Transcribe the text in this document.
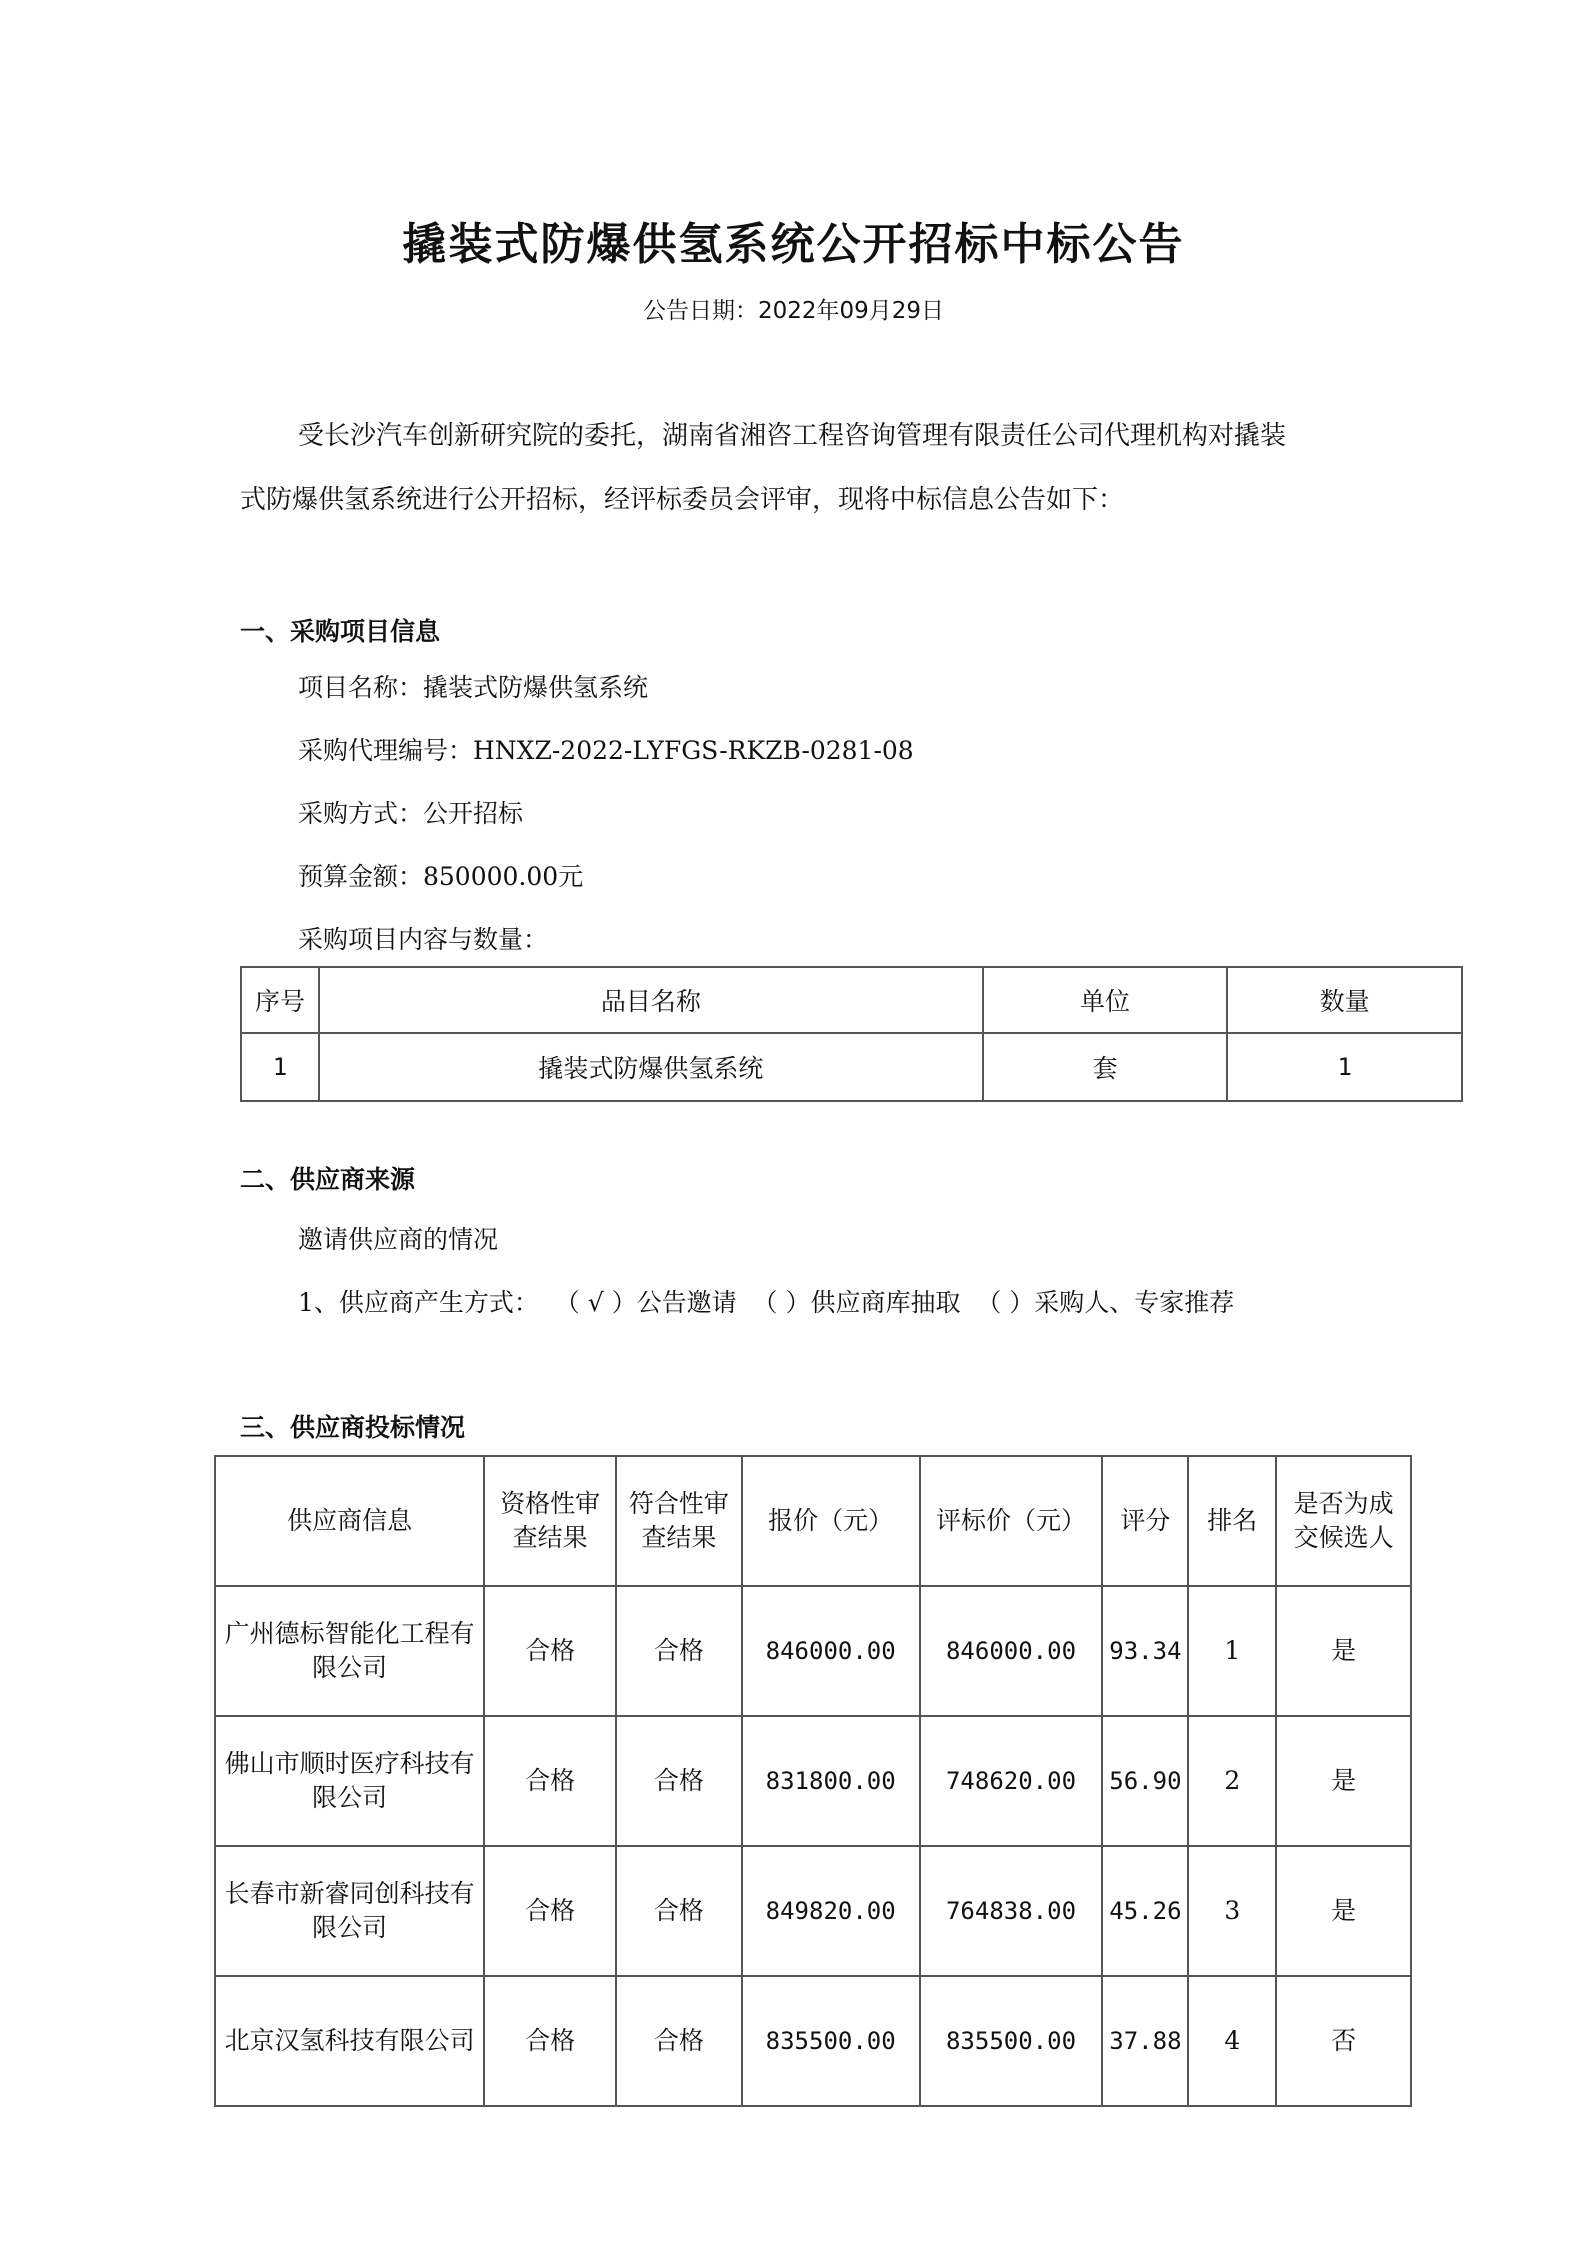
撬装式防爆供氢系统公开招标中标公告
公告日期：2022年09月29日
受长沙汽车创新研究院的委托，湖南省湘咨工程咨询管理有限责任公司代理机构对撬装
式防爆供氢系统进行公开招标，经评标委员会评审，现将中标信息公告如下：
一、采购项目信息
项目名称：撬装式防爆供氢系统
采购代理编号：HNXZ-2022-LYFGS-RKZB-0281-08
采购方式：公开招标
预算金额：850000.00元
采购项目内容与数量：
序号	品目名称	单位	数量
1	撬装式防爆供氢系统	套	1
二、供应商来源
邀请供应商的情况
1、供应商产生方式：  （ √ ）公告邀请  （ ）供应商库抽取  （ ）采购人、专家推荐
三、供应商投标情况
供应商信息	资格性审查结果	符合性审查结果	报价（元）	评标价（元）	评分	排名	是否为成交候选人
广州德标智能化工程有限公司	合格	合格	846000.00	846000.00	93.34	1	是
佛山市顺时医疗科技有限公司	合格	合格	831800.00	748620.00	56.90	2	是
长春市新睿同创科技有限公司	合格	合格	849820.00	764838.00	45.26	3	是
北京汉氢科技有限公司	合格	合格	835500.00	835500.00	37.88	4	否
